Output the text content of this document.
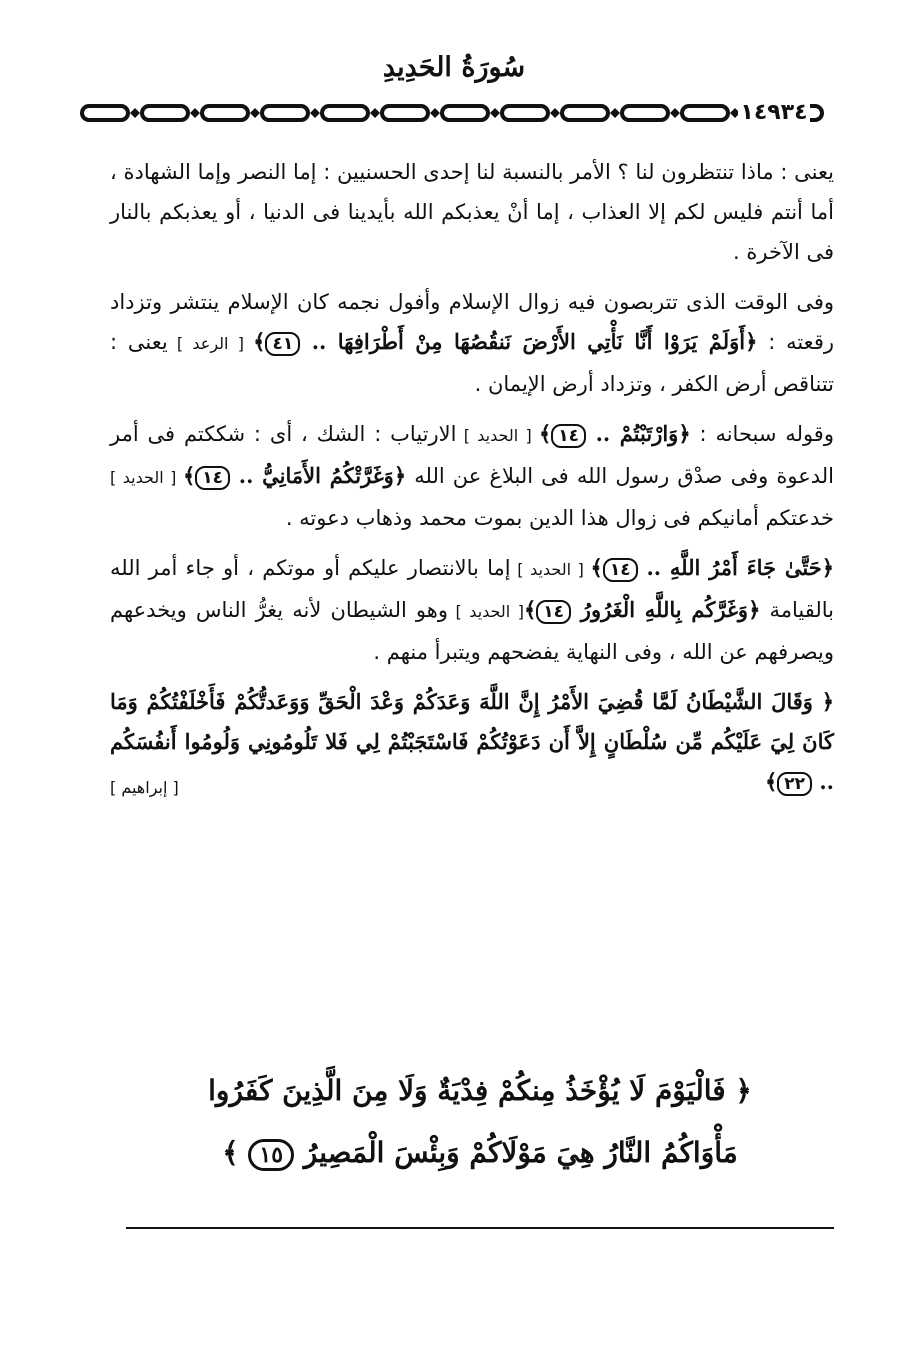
سُورَةُ الحَدِيدِ
١٤٩٣٤

يعنى : ماذا تنتظرون لنا ؟ الأمر بالنسبة لنا إحدى الحسنيين : إما النصر وإما الشهادة ، أما أنتم فليس لكم إلا العذاب ، إما أنْ يعذبكم الله بأيدينا فى الدنيا ، أو يعذبكم بالنار فى الآخرة .

وفى الوقت الذى تتربصون فيه زوال الإسلام وأفول نجمه كان الإسلام ينتشر وتزداد رقعته : ﴿أَوَلَمْ يَرَوْا أَنَّا نَأْتِي الأَرْضَ نَنقُصُهَا مِنْ أَطْرَافِهَا .. ٤١﴾ [ الرعد ] يعنى : تتناقص أرض الكفر ، وتزداد أرض الإيمان .

وقوله سبحانه : ﴿وَارْتَبْتُمْ .. ١٤﴾ [ الحديد ] الارتياب : الشك ، أى : شككتم فى أمر الدعوة وفى صدْق رسول الله فى البلاغ عن الله ﴿وَغَرَّتْكُمُ الأَمَانِيُّ .. ١٤﴾ [ الحديد ] خدعتكم أمانيكم فى زوال هذا الدين بموت محمد وذهاب دعوته .

﴿حَتَّىٰ جَاءَ أَمْرُ اللَّهِ .. ١٤﴾ [ الحديد ] إما بالانتصار عليكم أو موتكم ، أو جاء أمر الله بالقيامة ﴿وَغَرَّكُم بِاللَّهِ الْغَرُورُ ١٤﴾[ الحديد ] وهو الشيطان لأنه يغرُّ الناس ويخدعهم ويصرفهم عن الله ، وفى النهاية يفضحهم ويتبرأ منهم .

﴿ وَقَالَ الشَّيْطَانُ لَمَّا قُضِيَ الأَمْرُ إِنَّ اللَّهَ وَعَدَكُمْ وَعْدَ الْحَقِّ وَوَعَدتُّكُمْ فَأَخْلَفْتُكُمْ وَمَا كَانَ لِيَ عَلَيْكُم مِّن سُلْطَانٍ إِلاَّ أَن دَعَوْتُكُمْ فَاسْتَجَبْتُمْ لِي فَلا تَلُومُونِي وَلُومُوا أَنفُسَكُم .. ٢٢﴾
[ إبراهيم ]

﴿ فَالْيَوْمَ لَا يُؤْخَذُ مِنكُمْ فِدْيَةٌ وَلَا مِنَ الَّذِينَ كَفَرُوا
مَأْوَاكُمُ النَّارُ هِيَ مَوْلَاكُمْ وَبِئْسَ الْمَصِيرُ ١٥ ﴾
